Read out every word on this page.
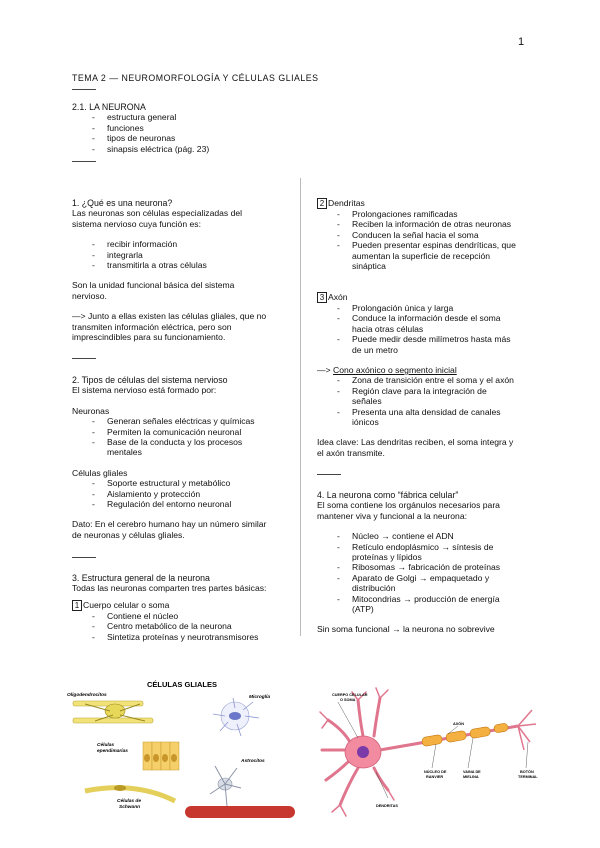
1
TEMA 2 — NEUROMORFOLOGÍA Y CÉLULAS GLIALES
2.1. LA NEURONA
- estructura general
- funciones
- tipos de neuronas
- sinapsis eléctrica (pág. 23)
1. ¿Qué es una neurona?
Las neuronas son células especializadas del
sistema nervioso cuya función es:
- recibir información
- integrarla
- transmitirla a otras células
Son la unidad funcional básica del sistema
nervioso.
—> Junto a ellas existen las células gliales, que no
transmiten información eléctrica, pero son
imprescindibles para su funcionamiento.
2. Tipos de células del sistema nervioso
El sistema nervioso está formado por:
Neuronas
- Generan señales eléctricas y químicas
- Permiten la comunicación neuronal
- Base de la conducta y los procesos
mentales
Células gliales
- Soporte estructural y metabólico
- Aislamiento y protección
- Regulación del entorno neuronal
Dato: En el cerebro humano hay un número similar
de neuronas y células gliales.
3. Estructura general de la neurona
Todas las neuronas comparten tres partes básicas:
1 Cuerpo celular o soma
- Contiene el núcleo
- Centro metabólico de la neurona
- Sintetiza proteínas y neurotransmisores
2 Dendritas
- Prolongaciones ramificadas
- Reciben la información de otras neuronas
- Conducen la señal hacia el soma
- Pueden presentar espinas dendríticas, que
aumentan la superficie de recepción
sináptica
3 Axón
- Prolongación única y larga
- Conduce la información desde el soma
hacia otras células
- Puede medir desde milímetros hasta más
de un metro
—> Cono axónico o segmento inicial
- Zona de transición entre el soma y el axón
- Región clave para la integración de
señales
- Presenta una alta densidad de canales
iónicos
Idea clave: Las dendritas reciben, el soma integra y
el axón transmite.
4. La neurona como “fábrica celular”
El soma contiene los orgánulos necesarios para
mantener viva y funcional a la neurona:
- Núcleo → contiene el ADN
- Retículo endoplásmico → síntesis de
proteínas y lípidos
- Ribosomas → fabricación de proteínas
- Aparato de Golgi → empaquetado y
distribución
- Mitocondrias → producción de energía
(ATP)
Sin soma funcional → la neurona no sobrevive
CÉLULAS GLIALES
Oligodendrocitos	Microglía
Células
ependimarias
Astrocitos
Células de
Schwann
CUERPO CELULAR
O SOMA
AXÓN
NÚCLEO DE
RANVIER
VAINA DE
MIELINA
DENDRITAS
BOTÓN
TERMINAL
